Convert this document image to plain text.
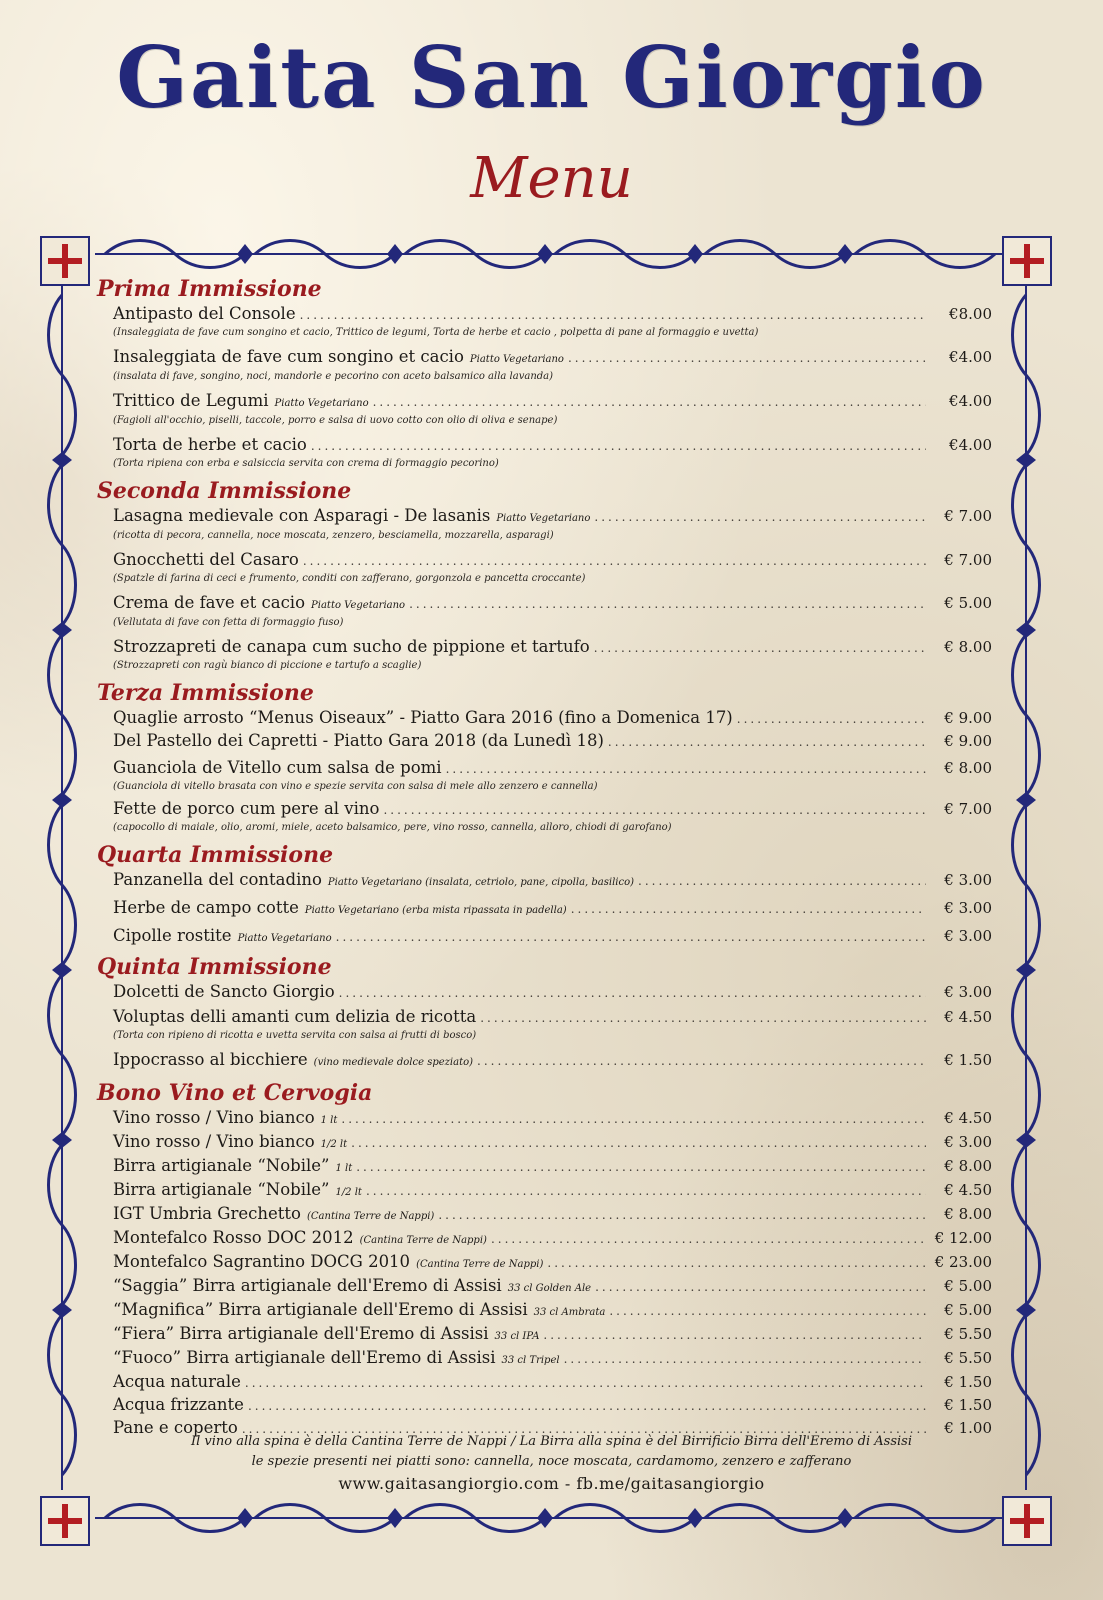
Gaita San Giorgio
Menu
Prima Immissione
Antipasto del Console .....	€8.00
(Insaleggiata de fave cum songino et cacio, Trittico de legumi, Torta de herbe et cacio , polpetta di pane al formaggio e uvetta)
Insaleggiata de fave cum songino et cacio Piatto Vegetariano .....	€4.00
(insalata di fave, songino, noci, mandorle e pecorino con aceto balsamico alla lavanda)
Trittico de Legumi Piatto Vegetariano .....	€4.00
(Fagioli all'occhio, piselli, taccole, porro e salsa di uovo cotto con olio di oliva e senape)
Torta de herbe et cacio .....	€4.00
(Torta ripiena con erba e salsiccia servita con crema di formaggio pecorino)
Seconda Immissione
Lasagna medievale con Asparagi - De lasanis Piatto Vegetariano .....	€ 7.00
(ricotta di pecora, cannella, noce moscata, zenzero, besciamella, mozzarella, asparagi)
Gnocchetti del Casaro .....	€ 7.00
(Spatzle di farina di ceci e frumento, conditi con zafferano, gorgonzola e pancetta croccante)
Crema de fave et cacio Piatto Vegetariano .....	€ 5.00
(Vellutata di fave con fetta di formaggio fuso)
Strozzapreti de canapa cum sucho de pippione et tartufo .....	€ 8.00
(Strozzapreti con ragù bianco di piccione e tartufo a scaglie)
Terza Immissione
Quaglie arrosto “Menus Oiseaux” - Piatto Gara 2016 (fino a Domenica 17) .....	€ 9.00
Del Pastello dei Capretti - Piatto Gara 2018 (da Lunedì 18) .....	€ 9.00
Guanciola de Vitello cum salsa de pomi .....	€ 8.00
(Guanciola di vitello brasata con vino e spezie servita con salsa di mele allo zenzero e cannella)
Fette de porco cum pere al vino .....	€ 7.00
(capocollo di maiale, olio, aromi, miele, aceto balsamico, pere, vino rosso, cannella, alloro, chiodi di garofano)
Quarta Immissione
Panzanella del contadino Piatto Vegetariano (insalata, cetriolo, pane, cipolla, basilico) .....	€ 3.00
Herbe de campo cotte Piatto Vegetariano (erba mista ripassata in padella) .....	€ 3.00
Cipolle rostite Piatto Vegetariano .....	€ 3.00
Quinta Immissione
Dolcetti de Sancto Giorgio .....	€ 3.00
Voluptas delli amanti cum delizia de ricotta .....	€ 4.50
(Torta con ripieno di ricotta e uvetta servita con salsa ai frutti di bosco)
Ippocrasso al bicchiere (vino medievale dolce speziato) .....	€ 1.50
Bono Vino et Cervogia
Vino rosso / Vino bianco 1 lt .....	€ 4.50
Vino rosso / Vino bianco 1/2 lt .....	€ 3.00
Birra artigianale “Nobile” 1 lt .....	€ 8.00
Birra artigianale “Nobile” 1/2 lt .....	€ 4.50
IGT Umbria Grechetto (Cantina Terre de Nappi) .....	€ 8.00
Montefalco Rosso DOC 2012 (Cantina Terre de Nappi) .....	€ 12.00
Montefalco Sagrantino DOCG 2010 (Cantina Terre de Nappi) .....	€ 23.00
“Saggia” Birra artigianale dell'Eremo di Assisi 33 cl Golden Ale .....	€ 5.00
“Magnifica” Birra artigianale dell'Eremo di Assisi 33 cl Ambrata .....	€ 5.00
“Fiera” Birra artigianale dell'Eremo di Assisi 33 cl IPA .....	€ 5.50
“Fuoco” Birra artigianale dell'Eremo di Assisi 33 cl Tripel .....	€ 5.50
Acqua naturale .....	€ 1.50
Acqua frizzante .....	€ 1.50
Pane e coperto .....	€ 1.00
Il vino alla spina è della Cantina Terre de Nappi / La Birra alla spina è del Birrificio Birra dell'Eremo di Assisi
le spezie presenti nei piatti sono: cannella, noce moscata, cardamomo, zenzero e zafferano
www.gaitasangiorgio.com - fb.me/gaitasangiorgio
